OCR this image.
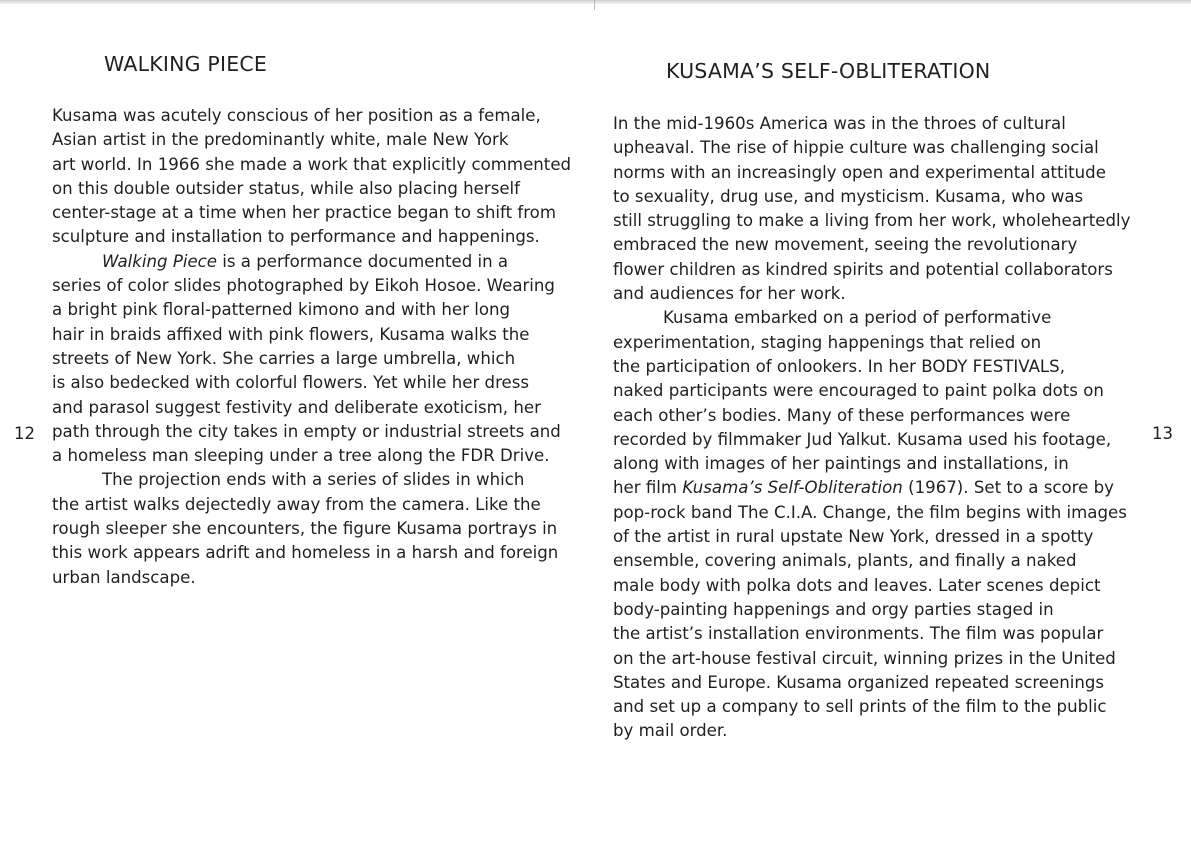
12	13
WALKING PIECE
Kusama was acutely conscious of her position as a female,
Asian artist in the predominantly white, male New York
art world. In 1966 she made a work that explicitly commented
on this double outsider status, while also placing herself
center-stage at a time when her practice began to shift from
sculpture and installation to performance and happenings.
Walking Piece is a performance documented in a
series of color slides photographed by Eikoh Hosoe. Wearing
a bright pink floral-patterned kimono and with her long
hair in braids affixed with pink flowers, Kusama walks the
streets of New York. She carries a large umbrella, which
is also bedecked with colorful flowers. Yet while her dress
and parasol suggest festivity and deliberate exoticism, her
path through the city takes in empty or industrial streets and
a homeless man sleeping under a tree along the FDR Drive.
The projection ends with a series of slides in which
the artist walks dejectedly away from the camera. Like the
rough sleeper she encounters, the figure Kusama portrays in
this work appears adrift and homeless in a harsh and foreign
urban landscape.
KUSAMA’S SELF-OBLITERATION
In the mid-1960s America was in the throes of cultural
upheaval. The rise of hippie culture was challenging social
norms with an increasingly open and experimental attitude
to sexuality, drug use, and mysticism. Kusama, who was
still struggling to make a living from her work, wholeheartedly
embraced the new movement, seeing the revolutionary
flower children as kindred spirits and potential collaborators
and audiences for her work.
Kusama embarked on a period of performative
experimentation, staging happenings that relied on
the participation of onlookers. In her BODY FESTIVALS,
naked participants were encouraged to paint polka dots on
each other’s bodies. Many of these performances were
recorded by filmmaker Jud Yalkut. Kusama used his footage,
along with images of her paintings and installations, in
her film Kusama’s Self-Obliteration (1967). Set to a score by
pop-rock band The C.I.A. Change, the film begins with images
of the artist in rural upstate New York, dressed in a spotty
ensemble, covering animals, plants, and finally a naked
male body with polka dots and leaves. Later scenes depict
body-painting happenings and orgy parties staged in
the artist’s installation environments. The film was popular
on the art-house festival circuit, winning prizes in the United
States and Europe. Kusama organized repeated screenings
and set up a company to sell prints of the film to the public
by mail order.
